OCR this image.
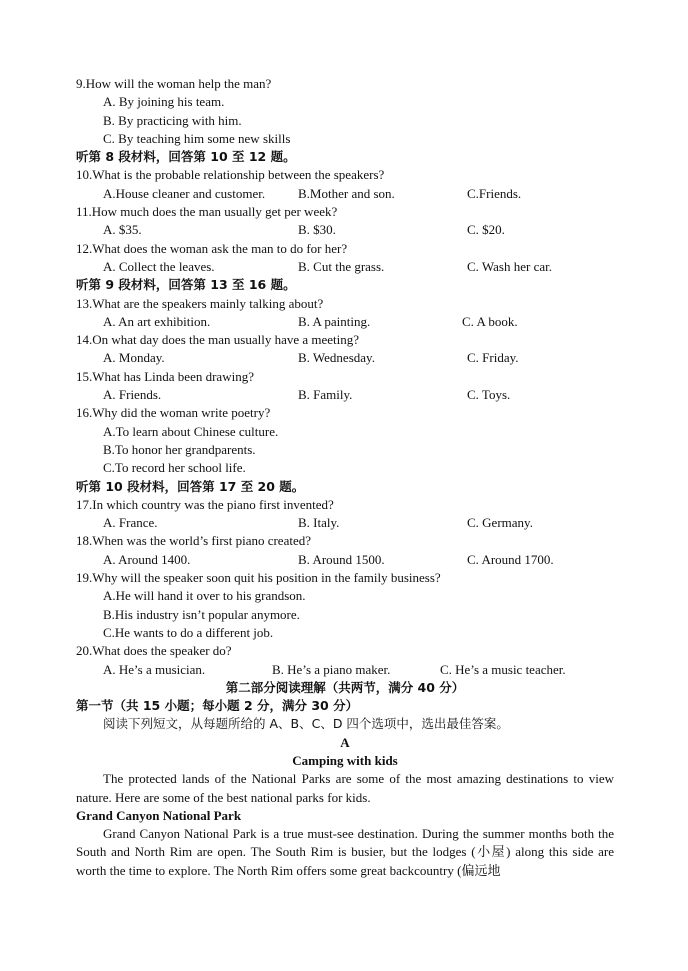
9.How will the woman help the man?
A. By joining his team.
B. By practicing with him.
C. By teaching him some new skills
听第 8 段材料，回答第 10 至 12 题。
10.What is the probable relationship between the speakers?
A.House cleaner and customer.	B.Mother and son.	C.Friends.
11.How much does the man usually get per week?
A. $35.	B. $30.	C. $20.
12.What does the woman ask the man to do for her?
A. Collect the leaves.	B. Cut the grass.	C. Wash her car.
听第 9 段材料，回答第 13 至 16 题。
13.What are the speakers mainly talking about?
A. An art exhibition.	B. A painting.	C. A book.
14.On what day does the man usually have a meeting?
A. Monday.	B. Wednesday.	C. Friday.
15.What has Linda been drawing?
A. Friends.	B. Family.	C. Toys.
16.Why did the woman write poetry?
A.To learn about Chinese culture.
B.To honor her grandparents.
C.To record her school life.
听第 10 段材料，回答第 17 至 20 题。
17.In which country was the piano first invented?
A. France.	B. Italy.	C. Germany.
18.When was the world’s first piano created?
A. Around 1400.	B. Around 1500.	C. Around 1700.
19.Why will the speaker soon quit his position in the family business?
A.He will hand it over to his grandson.
B.His industry isn’t popular anymore.
C.He wants to do a different job.
20.What does the speaker do?
A. He’s a musician.	B. He’s a piano maker.	C. He’s a music teacher.
第二部分阅读理解（共两节，满分 40 分）
第一节（共 15 小题；每小题 2 分，满分 30 分）
阅读下列短文，从每题所给的 A、B、C、D 四个选项中，选出最佳答案。
A
Camping with kids
The protected lands of the National Parks are some of the most amazing destinations to view nature. Here are some of the best national parks for kids.
Grand Canyon National Park
Grand Canyon National Park is a true must-see destination. During the summer months both the South and North Rim are open. The South Rim is busier, but the lodges (小屋) along this side are worth the time to explore. The North Rim offers some great backcountry (偏远地
